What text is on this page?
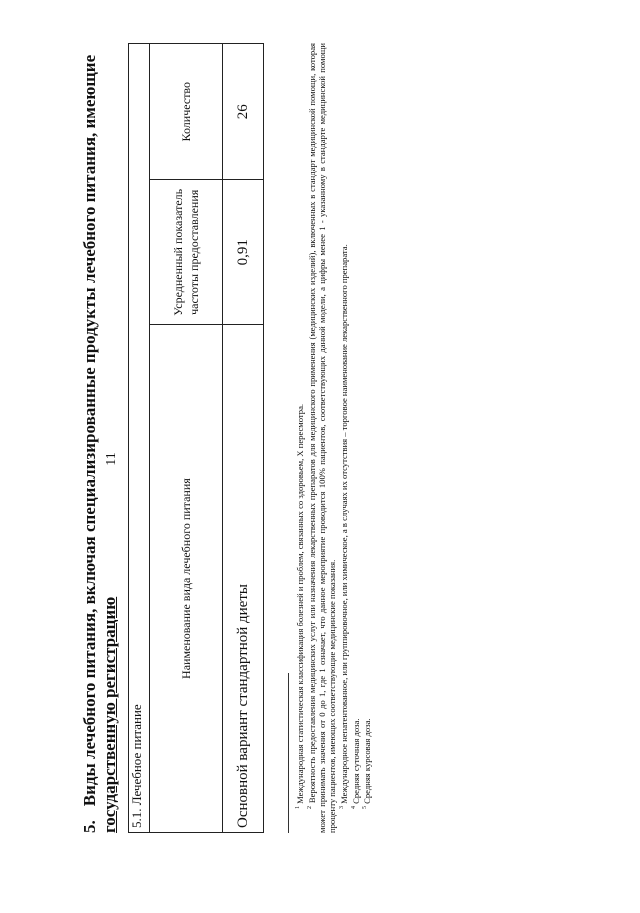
11
5.Виды лечебного питания, включая специализированные продукты лечебного питания, имеющие
государственную регистрацию 5.1. Лечебное питание		
Наименование вида лечебного питания	Усредненный показатель частоты предоставления	Количество
Основной вариант стандартной диеты	0,91	26

$^1$ Международная статистическая классификация болезней и проблем, связанных со здоровьем, X пересмотра.

$^2$ Вероятность предоставления медицинских услуг или назначения лекарственных препаратов для медицинского применения (медицинских изделий), включенных в стандарт медицинской помощи, которая может принимать значения от 0 до 1, где 1 означает, что данное мероприятие проводится 100% пациентов, соответствующих данной модели, а цифры менее 1 - указанному в стандарте медицинской помощи проценту пациентов, имеющих соответствующие медицинские показания. $^3$ Международное непатентованное, или группировочное, или химическое, а в случаях их отсутствия – торговое наименование лекарственного препарата.

$^4$ Средняя суточная доза.

$^5$ Средняя курсовая доза.
